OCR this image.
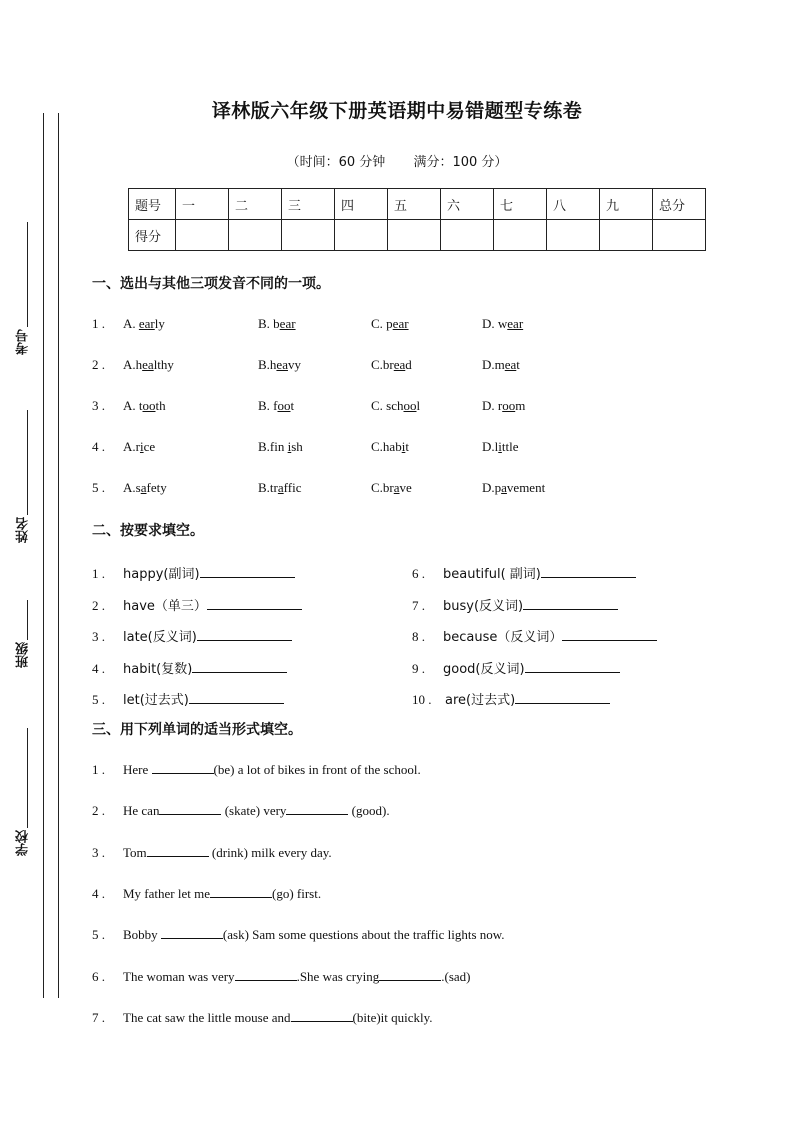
考号
姓名
班级
学校
译林版六年级下册英语期中易错题型专练卷
（时间：60 分钟 满分：100 分）
题号	一	二	三	四	五	六	七	八	九	总分
得分										
一、选出与其他三项发音不同的一项。
1 . A. early	B. bear	C. pear	D. wear
2 . A.healthy	B.heavy	C.bread	D.meat
3 . A. tooth	B. foot	C. school	D. room
4 . A.rice	B.fin ish	C.habit	D.little
5 . A.safety	B.traffic	C.brave	D.pavement
二、按要求填空。
1 . happy(副词)
2 . have（单三）
3 . late(反义词)
4 . habit(复数)
5 . let(过去式)
6 . beautiful( 副词)
7 . busy(反义词)
8 . because（反义词）
9 . good(反义词)
10 . are(过去式)
三、用下列单词的适当形式填空。
1 . Here	(be) a lot of bikes in front of the school.
2 . He can	(skate) very	(good).
3 . Tom	(drink) milk every day.
4 . My father let me	(go) first.
5 . Bobby	(ask) Sam some questions about the traffic lights now.
6 . The woman was very	.She was crying	.(sad)
7 . The cat saw the little mouse and	(bite)it quickly.
